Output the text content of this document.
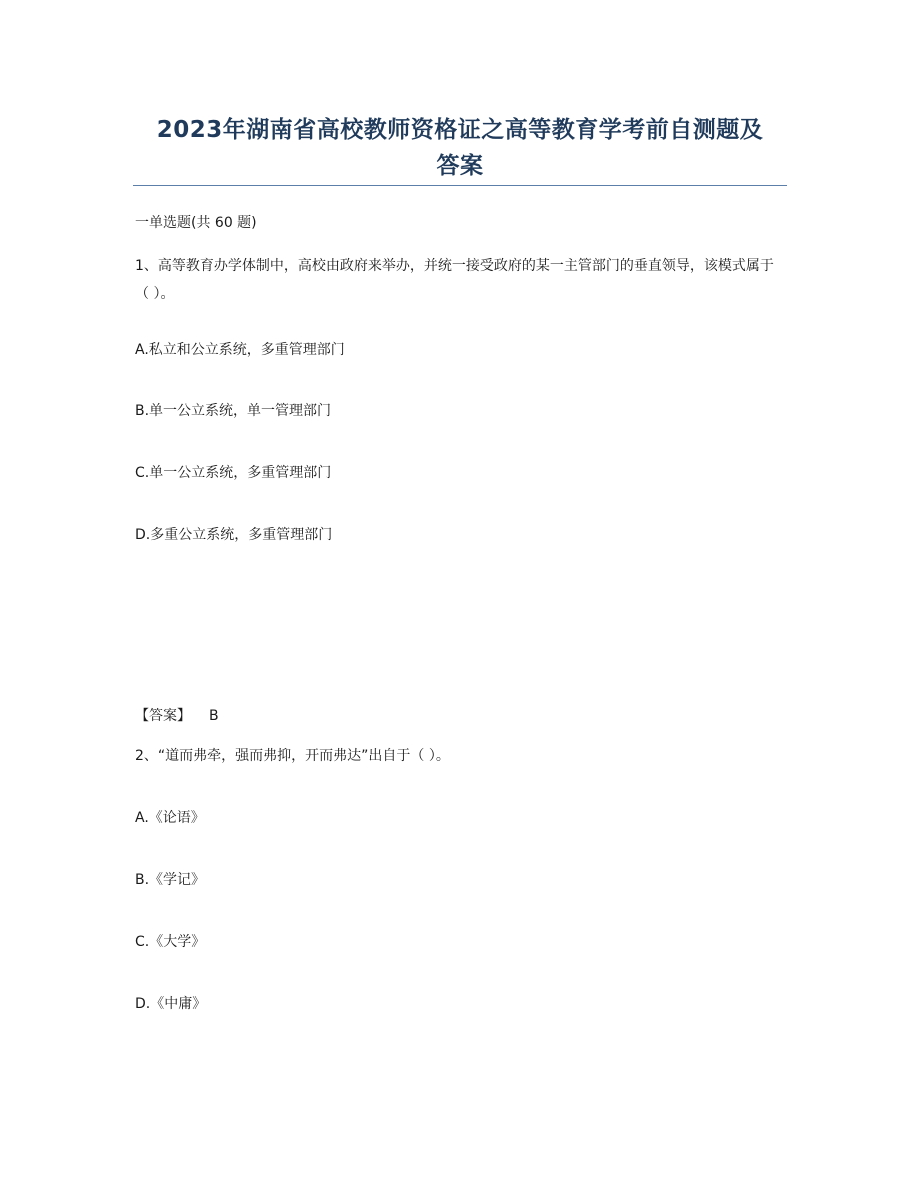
2023年湖南省高校教师资格证之高等教育学考前自测题及
答案
一单选题(共 60 题)
1、高等教育办学体制中，高校由政府来举办，并统一接受政府的某一主管部门的垂直领导，该模式属于（ ）。
A.私立和公立系统，多重管理部门
B.单一公立系统，单一管理部门
C.单一公立系统，多重管理部门
D.多重公立系统，多重管理部门
【答案】 B
2、“道而弗牵，强而弗抑，开而弗达”出自于（ ）。
A.《论语》
B.《学记》
C.《大学》
D.《中庸》
